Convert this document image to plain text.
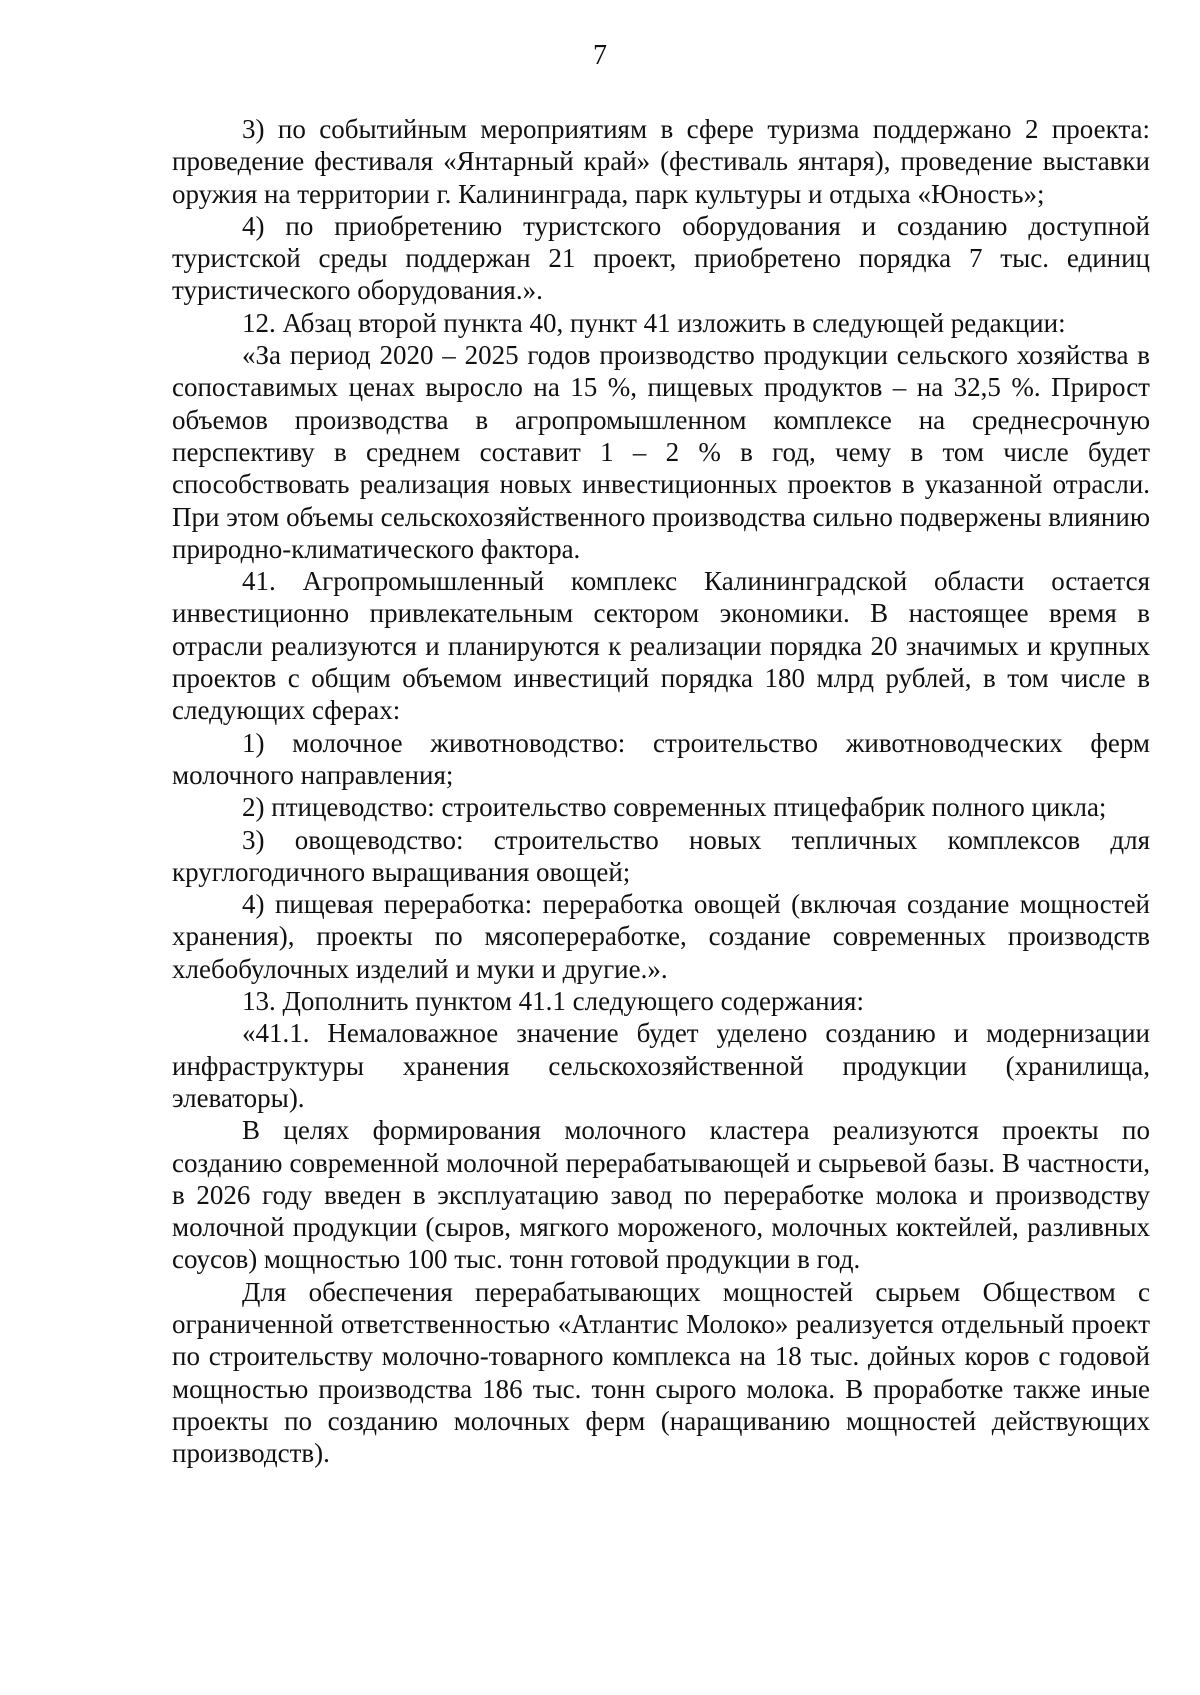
7

3) по событийным мероприятиям в сфере туризма поддержано 2 проекта: проведение фестиваля «Янтарный край» (фестиваль янтаря), проведение выставки оружия на территории г. Калининграда, парк культуры и отдыха «Юность»;

4) по приобретению туристского оборудования и созданию доступной туристской среды поддержан 21 проект, приобретено порядка 7 тыс. единиц туристического оборудования.».

12. Абзац второй пункта 40, пункт 41 изложить в следующей редакции:

«За период 2020 – 2025 годов производство продукции сельского хозяйства в сопоставимых ценах выросло на 15 %, пищевых продуктов – на 32,5 %. Прирост объемов производства в агропромышленном комплексе на среднесрочную перспективу в среднем составит 1 – 2 % в год, чему в том числе будет способствовать реализация новых инвестиционных проектов в указанной отрасли. При этом объемы сельскохозяйственного производства сильно подвержены влиянию природно-климатического фактора.

41. Агропромышленный комплекс Калининградской области остается инвестиционно привлекательным сектором экономики. В настоящее время в отрасли реализуются и планируются к реализации порядка 20 значимых и крупных проектов с общим объемом инвестиций порядка 180 млрд рублей, в том числе в следующих сферах:

1) молочное животноводство: строительство животноводческих ферм молочного направления;

2) птицеводство: строительство современных птицефабрик полного цикла;

3) овощеводство: строительство новых тепличных комплексов для круглогодичного выращивания овощей;

4) пищевая переработка: переработка овощей (включая создание мощностей хранения), проекты по мясопереработке, создание современных производств хлебобулочных изделий и муки и другие.».

13. Дополнить пунктом 41.1 следующего содержания:

«41.1. Немаловажное значение будет уделено созданию и модернизации инфраструктуры хранения сельскохозяйственной продукции (хранилища, элеваторы).

В целях формирования молочного кластера реализуются проекты по созданию современной молочной перерабатывающей и сырьевой базы. В частности, в 2026 году введен в эксплуатацию завод по переработке молока и производству молочной продукции (сыров, мягкого мороженого, молочных коктейлей, разливных соусов) мощностью 100 тыс. тонн готовой продукции в год.

Для обеспечения перерабатывающих мощностей сырьем Обществом с ограниченной ответственностью «Атлантис Молоко» реализуется отдельный проект по строительству молочно-товарного комплекса на 18 тыс. дойных коров с годовой мощностью производства 186 тыс. тонн сырого молока. В проработке также иные проекты по созданию молочных ферм (наращиванию мощностей действующих производств).
